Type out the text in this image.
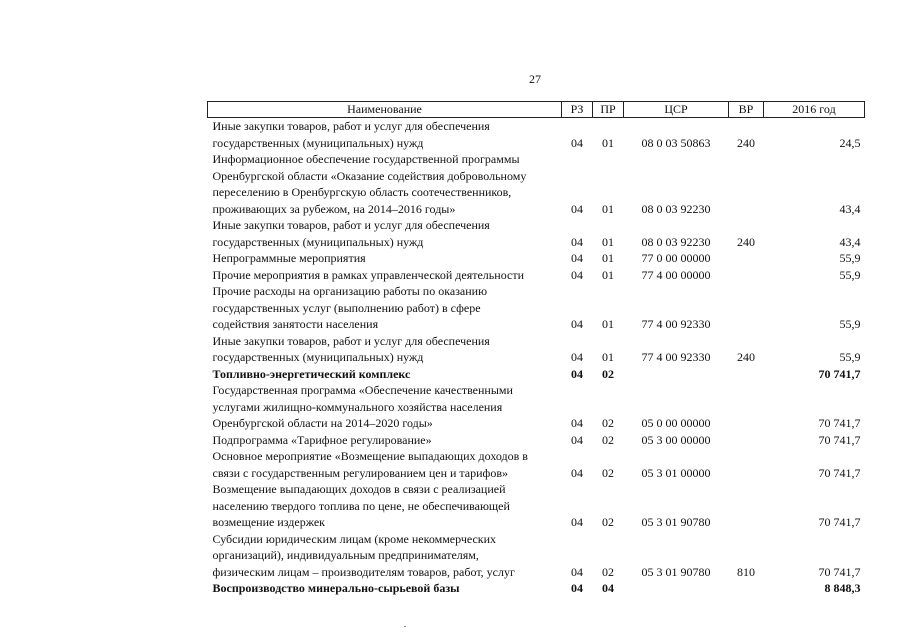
27
Наименование	РЗ	ПР	ЦСР	ВР	2016 год

Иные закупки товаров, работ и услуг для обеспечения
государственных (муниципальных) нужд	04	01	08 0 03 50863	240	24,5

Информационное обеспечение государственной программы
Оренбургской области «Оказание содействия добровольному
переселению в Оренбургскую область соотечественников,
проживающих за рубежом, на 2014–2016 годы»	04	01	08 0 03 92230		43,4

Иные закупки товаров, работ и услуг для обеспечения
государственных (муниципальных) нужд	04	01	08 0 03 92230	240	43,4

Непрограммные мероприятия	04	01	77 0 00 00000		55,9

Прочие мероприятия в рамках управленческой деятельности	04	01	77 4 00 00000		55,9

Прочие расходы на организацию работы по оказанию
государственных услуг (выполнению работ) в сфере
содействия занятости населения	04	01	77 4 00 92330		55,9

Иные закупки товаров, работ и услуг для обеспечения
государственных (муниципальных) нужд	04	01	77 4 00 92330	240	55,9

Топливно-энергетический комплекс	04	02			70 741,7

Государственная программа «Обеспечение качественными
услугами жилищно-коммунального хозяйства населения
Оренбургской области на 2014–2020 годы»	04	02	05 0 00 00000		70 741,7

Подпрограмма «Тарифное регулирование»	04	02	05 3 00 00000		70 741,7

Основное мероприятие «Возмещение выпадающих доходов в
связи с государственным регулированием цен и тарифов»	04	02	05 3 01 00000		70 741,7

Возмещение выпадающих доходов в связи с реализацией
населению твердого топлива по цене, не обеспечивающей
возмещение издержек	04	02	05 3 01 90780		70 741,7

Субсидии юридическим лицам (кроме некоммерческих
организаций), индивидуальным предпринимателям,
физическим лицам – производителям товаров, работ, услуг	04	02	05 3 01 90780	810	70 741,7

Воспроизводство минерально-сырьевой базы	04	04			8 848,3
